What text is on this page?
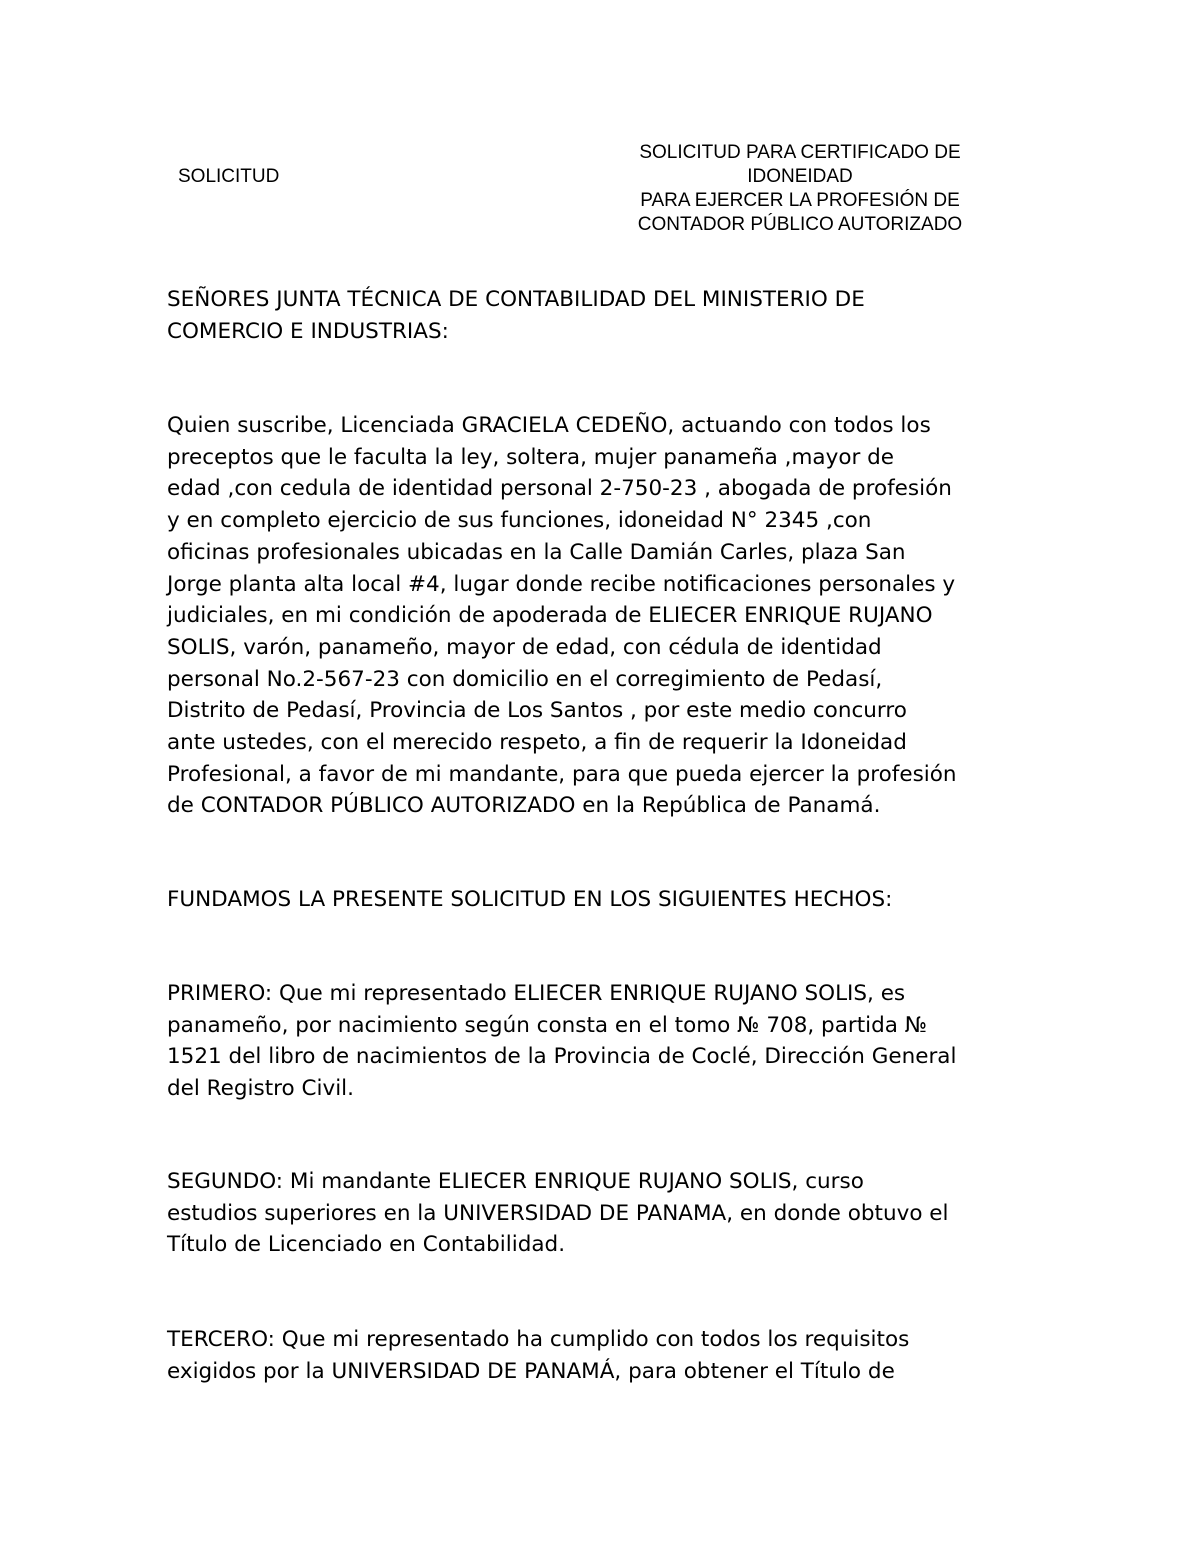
SOLICITUD
SOLICITUD PARA CERTIFICADO DE
IDONEIDAD
PARA EJERCER LA PROFESIÓN DE
CONTADOR PÚBLICO AUTORIZADO
SEÑORES JUNTA TÉCNICA DE CONTABILIDAD DEL MINISTERIO DE
COMERCIO E INDUSTRIAS:
Quien suscribe, Licenciada GRACIELA CEDEÑO, actuando con todos los
preceptos que le faculta la ley, soltera, mujer panameña ,mayor de
edad ,con cedula de identidad personal 2-750-23 , abogada de profesión
y en completo ejercicio de sus funciones, idoneidad N° 2345 ,con
oficinas profesionales ubicadas en la Calle Damián Carles, plaza San
Jorge planta alta local #4, lugar donde recibe notificaciones personales y
judiciales, en mi condición de apoderada de ELIECER ENRIQUE RUJANO
SOLIS, varón, panameño, mayor de edad, con cédula de identidad
personal No.2-567-23 con domicilio en el corregimiento de Pedasí,
Distrito de Pedasí, Provincia de Los Santos , por este medio concurro
ante ustedes, con el merecido respeto, a fin de requerir la Idoneidad
Profesional, a favor de mi mandante, para que pueda ejercer la profesión
de CONTADOR PÚBLICO AUTORIZADO en la República de Panamá.
FUNDAMOS LA PRESENTE SOLICITUD EN LOS SIGUIENTES HECHOS:
PRIMERO: Que mi representado ELIECER ENRIQUE RUJANO SOLIS, es
panameño, por nacimiento según consta en el tomo № 708, partida №
1521 del libro de nacimientos de la Provincia de Coclé, Dirección General
del Registro Civil.
SEGUNDO: Mi mandante ELIECER ENRIQUE RUJANO SOLIS, curso
estudios superiores en la UNIVERSIDAD DE PANAMA, en donde obtuvo el
Título de Licenciado en Contabilidad.
TERCERO: Que mi representado ha cumplido con todos los requisitos
exigidos por la UNIVERSIDAD DE PANAMÁ, para obtener el Título de
